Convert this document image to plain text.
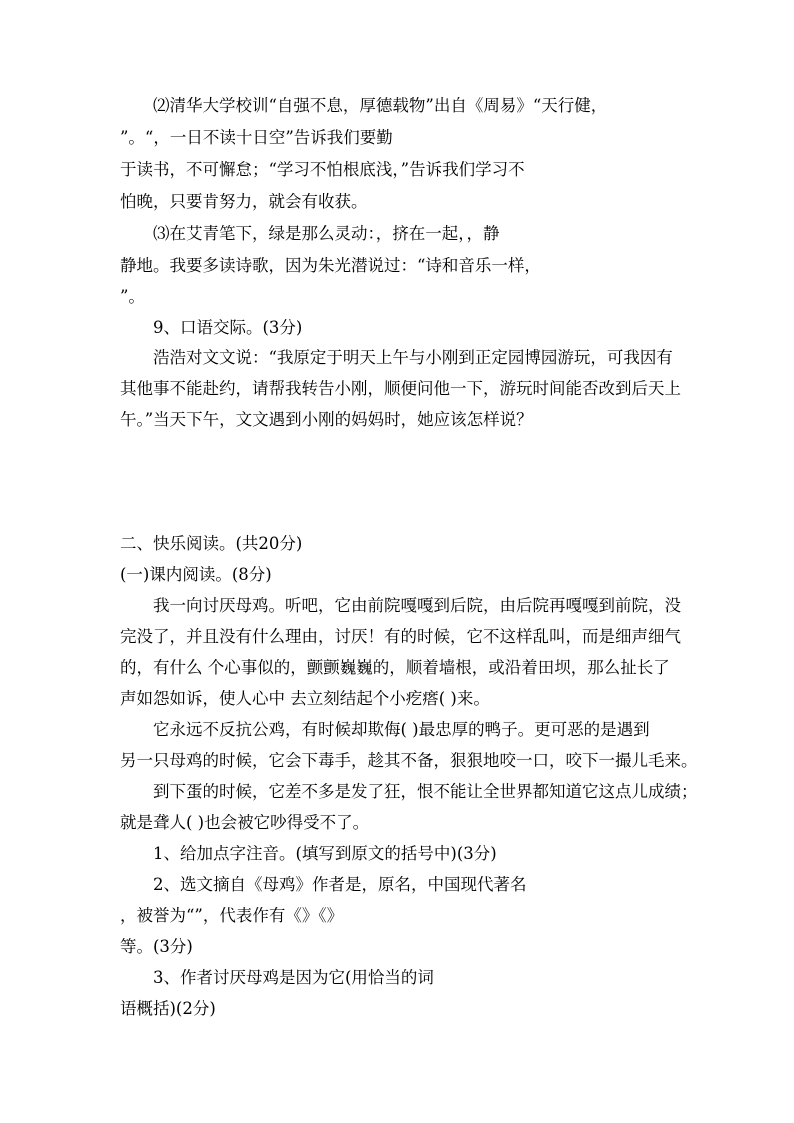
⑵清华大学校训“自强不息，厚德载物”出自《周易》“天行健，
”。“，一日不读十日空”告诉我们要勤
于读书，不可懈怠；“学习不怕根底浅，”告诉我们学习不
怕晚，只要肯努力，就会有收获。
⑶在艾青笔下，绿是那么灵动：，挤在一起，，静
静地。我要多读诗歌，因为朱光潜说过：“诗和音乐一样，
”。
9、口语交际。(3分)
浩浩对文文说：“我原定于明天上午与小刚到正定园博园游玩，可我因有
其他事不能赴约，请帮我转告小刚，顺便问他一下，游玩时间能否改到后天上
午。”当天下午，文文遇到小刚的妈妈时，她应该怎样说？
二、快乐阅读。(共20分)
(一)课内阅读。(8分)
我一向讨厌母鸡。听吧，它由前院嘎嘎到后院，由后院再嘎嘎到前院，没
完没了，并且没有什么理由，讨厌！有的时候，它不这样乱叫，而是细声细气
的，有什么 个心事似的，颤颤巍巍的，顺着墙根，或沿着田坝，那么扯长了
声如怨如诉，使人心中 去立刻结起个小疙瘩( )来。
它永远不反抗公鸡，有时候却欺侮( )最忠厚的鸭子。更可恶的是遇到
另一只母鸡的时候，它会下毒手，趁其不备，狠狠地咬一口，咬下一撮儿毛来。
到下蛋的时候，它差不多是发了狂，恨不能让全世界都知道它这点儿成绩；
就是聋人( )也会被它吵得受不了。
1、给加点字注音。(填写到原文的括号中)(3分)
2、选文摘自《母鸡》作者是，原名，中国现代著名
，被誉为“”，代表作有《》《》
等。(3分)
3、作者讨厌母鸡是因为它(用恰当的词
语概括)(2分)
